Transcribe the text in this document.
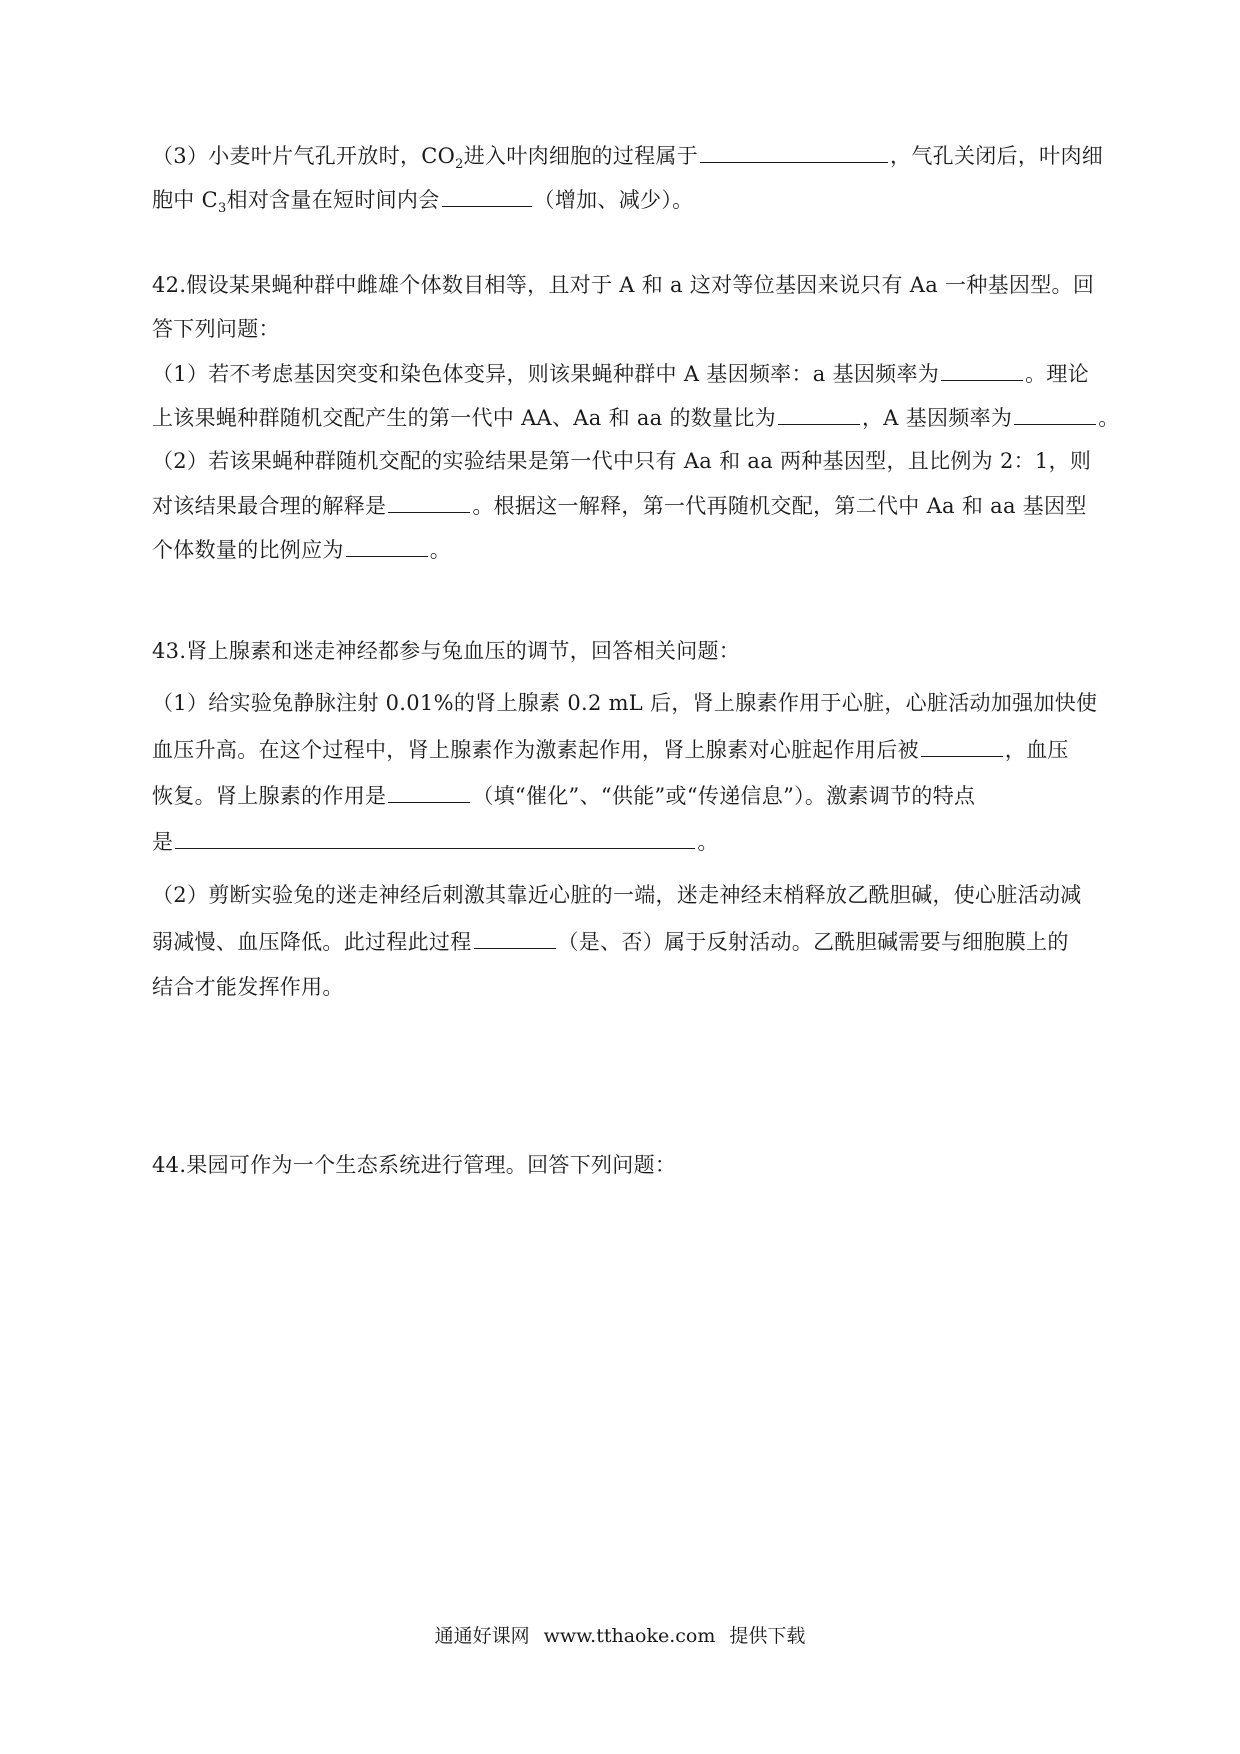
（3）小麦叶片气孔开放时，$CO_2$进入叶肉细胞的过程属于	，气孔关闭后，叶肉细
胞中 $C_3$相对含量在短时间内会	（增加、减少）。
42.假设某果蝇种群中雌雄个体数目相等，且对于 A 和 a 这对等位基因来说只有 Aa 一种基因型。回
答下列问题：
（1）若不考虑基因突变和染色体变异，则该果蝇种群中 A 基因频率：a 基因频率为	。理论
上该果蝇种群随机交配产生的第一代中 AA、Aa 和 aa 的数量比为	，A 基因频率为	。
（2）若该果蝇种群随机交配的实验结果是第一代中只有 Aa 和 aa 两种基因型，且比例为 2：1，则
对该结果最合理的解释是	。根据这一解释，第一代再随机交配，第二代中 Aa 和 aa 基因型
个体数量的比例应为	。
43.肾上腺素和迷走神经都参与兔血压的调节，回答相关问题：
（1）给实验兔静脉注射 0.01%的肾上腺素 0.2 mL 后，肾上腺素作用于心脏，心脏活动加强加快使
血压升高。在这个过程中，肾上腺素作为激素起作用，肾上腺素对心脏起作用后被	，血压
恢复。肾上腺素的作用是	（填“催化”、“供能”或“传递信息”）。激素调节的特点
是	。
（2）剪断实验兔的迷走神经后刺激其靠近心脏的一端，迷走神经末梢释放乙酰胆碱，使心脏活动减
弱减慢、血压降低。此过程此过程	（是、否）属于反射活动。乙酰胆碱需要与细胞膜上的
结合才能发挥作用。
44.果园可作为一个生态系统进行管理。回答下列问题：
通通好课网 www.tthaoke.com 提供下载
